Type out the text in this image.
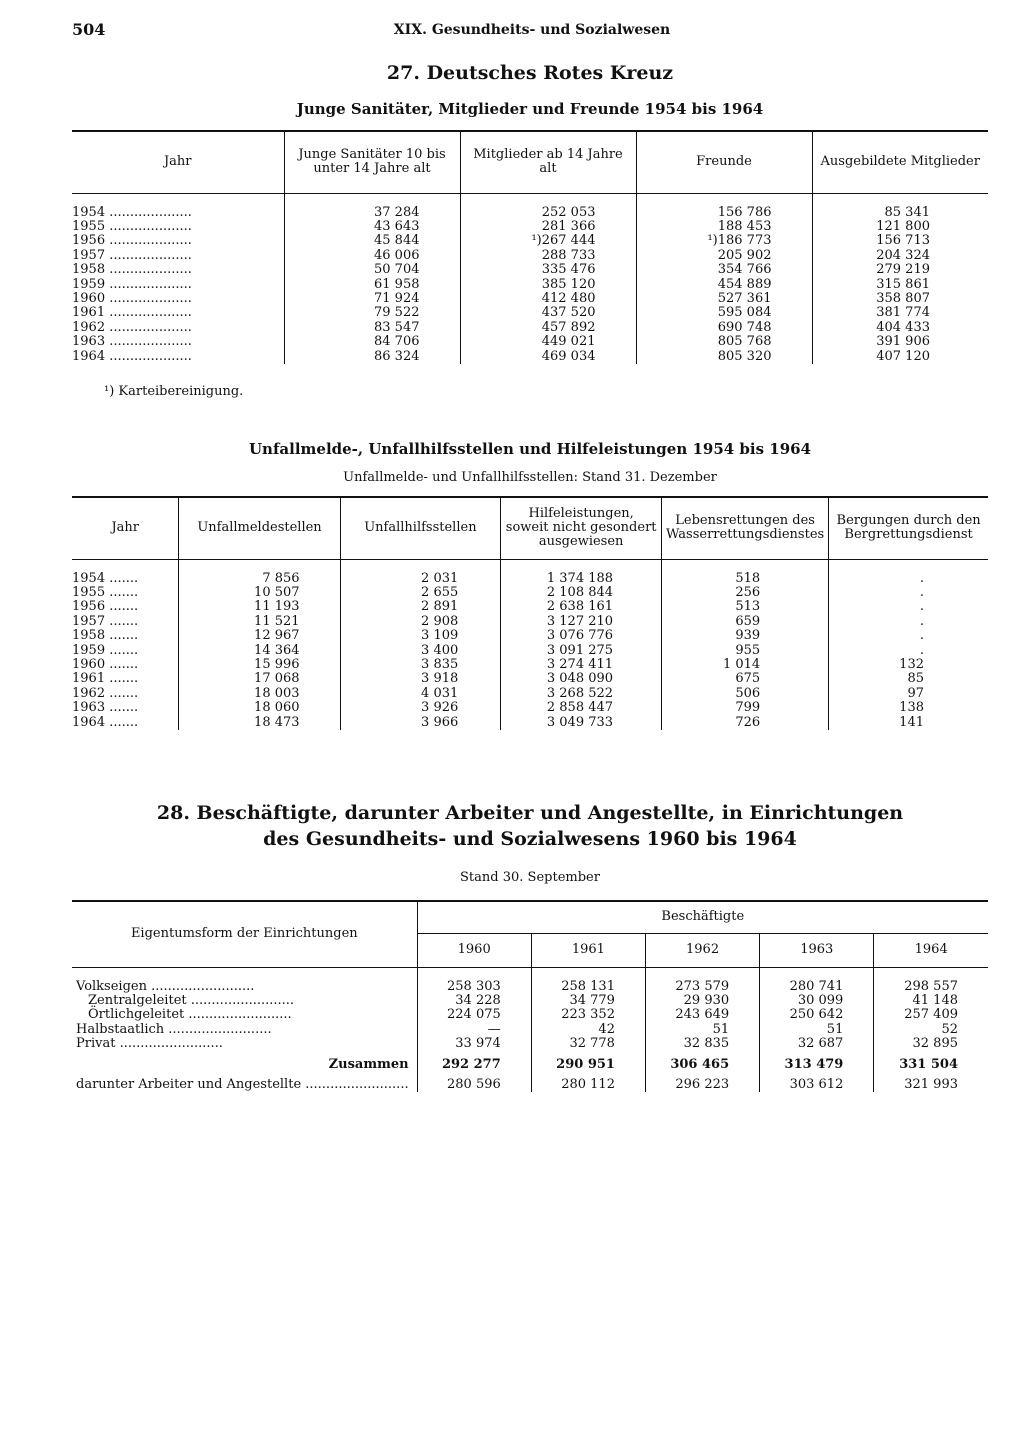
504	XIX. Gesundheits- und Sozialwesen
27. Deutsches Rotes Kreuz
Junge Sanitäter, Mitglieder und Freunde 1954 bis 1964
Jahr	Junge Sanitäter 10 bis unter 14 Jahre alt	Mitglieder ab 14 Jahre alt	Freunde	Ausgebildete Mitglieder
1954 ....................	37 284	252 053	156 786	85 341
1955 ....................	43 643	281 366	188 453	121 800
1956 ....................	45 844	¹)267 444	¹)186 773	156 713
1957 ....................	46 006	288 733	205 902	204 324
1958 ....................	50 704	335 476	354 766	279 219
1959 ....................	61 958	385 120	454 889	315 861
1960 ....................	71 924	412 480	527 361	358 807
1961 ....................	79 522	437 520	595 084	381 774
1962 ....................	83 547	457 892	690 748	404 433
1963 ....................	84 706	449 021	805 768	391 906
1964 ....................	86 324	469 034	805 320	407 120
¹) Karteibereinigung.
Unfallmelde-, Unfallhilfsstellen und Hilfeleistungen 1954 bis 1964
Unfallmelde- und Unfallhilfsstellen: Stand 31. Dezember
Jahr	Unfallmeldestellen	Unfallhilfsstellen	Hilfeleistungen, soweit nicht gesondert ausgewiesen	Lebensrettungen des Wasserrettungsdienstes	Bergungen durch den Bergrettungsdienst
1954 .......	7 856	2 031	1 374 188	518	.
1955 .......	10 507	2 655	2 108 844	256	.
1956 .......	11 193	2 891	2 638 161	513	.
1957 .......	11 521	2 908	3 127 210	659	.
1958 .......	12 967	3 109	3 076 776	939	.
1959 .......	14 364	3 400	3 091 275	955	.
1960 .......	15 996	3 835	3 274 411	1 014	132
1961 .......	17 068	3 918	3 048 090	675	85
1962 .......	18 003	4 031	3 268 522	506	97
1963 .......	18 060	3 926	2 858 447	799	138
1964 .......	18 473	3 966	3 049 733	726	141
28. Beschäftigte, darunter Arbeiter und Angestellte, in Einrichtungen
des Gesundheits- und Sozialwesens 1960 bis 1964
Stand 30. September
Eigentumsform der Einrichtungen	Beschäftigte				
	1960	1961	1962	1963	1964
Volkseigen .........................	258 303	258 131	273 579	280 741	298 557
Zentralgeleitet .........................	34 228	34 779	29 930	30 099	41 148
Örtlichgeleitet .........................	224 075	223 352	243 649	250 642	257 409
Halbstaatlich .........................	—	42	51	51	52
Privat .........................	33 974	32 778	32 835	32 687	32 895
Zusammen	292 277	290 951	306 465	313 479	331 504
darunter Arbeiter und Angestellte .........................	280 596	280 112	296 223	303 612	321 993
